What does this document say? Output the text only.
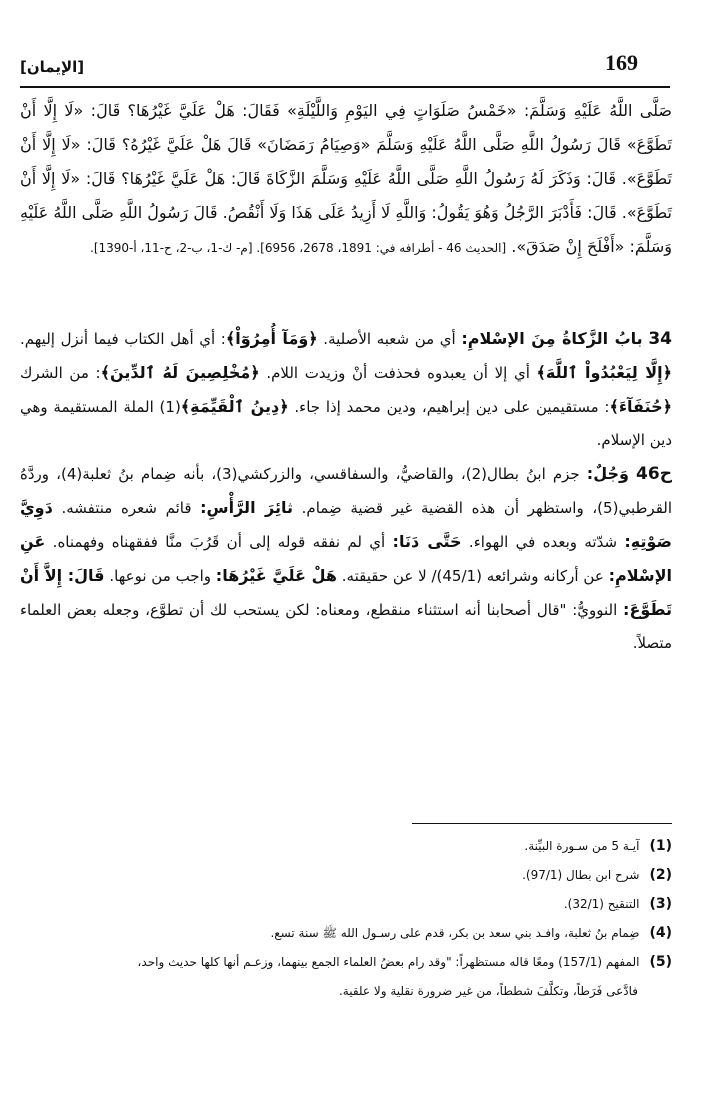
169
[الإيمان]
صَلَّى اللَّهُ عَلَيْهِ وَسَلَّمَ: «خَمْسُ صَلَوَاتٍ فِي اليَوْمِ وَاللَّيْلَةِ» فَقَالَ: هَلْ عَلَيَّ غَيْرُهَا؟ قَالَ: «لَا إِلَّا أَنْ تَطَوَّعَ» قَالَ رَسُولُ اللَّهِ صَلَّى اللَّهُ عَلَيْهِ وَسَلَّمَ «وَصِيَامُ رَمَضَانَ» قَالَ هَلْ عَلَيَّ غَيْرُهُ؟ قَالَ: «لَا إِلَّا أَنْ تَطَوَّعَ». قَالَ: وَذَكَرَ لَهُ رَسُولُ اللَّهِ صَلَّى اللَّهُ عَلَيْهِ وَسَلَّمَ الزَّكَاةَ قَالَ: هَلْ عَلَيَّ غَيْرُهَا؟ قَالَ: «لَا إِلَّا أَنْ تَطَوَّعَ». قَالَ: فَأَدْبَرَ الرَّجُلُ وَهُوَ يَقُولُ: وَاللَّهِ لَا أَزِيدُ عَلَى هَذَا وَلَا أَنْقُصُ. قَالَ رَسُولُ اللَّهِ صَلَّى اللَّهُ عَلَيْهِ وَسَلَّمَ: «أَفْلَحَ إِنْ صَدَقَ». [الحديث 46 - أطرافه في: 1891، 2678، 6956]. [م- ك-1، ب-2، ح-11، أ-1390].

34 بابُ الزَّكاةُ مِنَ الإسْلامِ: أي من شعبه الأصلية. ﴿وَمَآ أُمِرُوٓاْ﴾: أي أهل الكتاب فيما أنزل إليهم. ﴿إِلَّا لِيَعْبُدُواْ ٱللَّهَ﴾ أي إلا أن يعبدوه فحذفت أنْ وزيدت اللام. ﴿مُخْلِصِينَ لَهُ ٱلدِّينَ﴾: من الشرك ﴿حُنَفَآءَ﴾: مستقيمين على دين إبراهيم، ودين محمد إذا جاء. ﴿دِينُ ٱلْقَيِّمَةِ﴾(1) الملة المستقيمة وهي دين الإسلام.

ح46 وَجُلٌ: جزم ابنُ بطال(2)، والقاضيُّ، والسفاقسي، والزركشي(3)، بأنه ضِمام بنُ ثعلبة(4)، وردَّهُ القرطبي(5)، واستظهر أن هذه القضية غير قضية ضِمام. ثائِرَ الرَّأْسِ: قائم شعره منتفشه. دَوِيَّ صَوْتِهِ: شدّته وبعده في الهواء. حَتَّى دَنَا: أي لم نفقه قوله إلى أن قَرُبَ منَّا ففقهناه وفهمناه. عَنِ الإسْلامِ: عن أركانه وشرائعه (45/1)/ لا عن حقيقته. هَلْ عَلَيَّ غَيْرُهَا: واجب من نوعها. قَالَ: إِلاَّ أَنْ تَطَوَّعَ: النوويُّ: "قال أصحابنا أنه استثناء منقطع، ومعناه: لكن يستحب لك أن تطوَّع، وجعله بعض العلماء متصلاً.

(1)آيـة 5 من سـورة البيِّنة.
(2)شرح ابن بطال (97/1).
(3)التنقيح (32/1).
(4)ضِمام بنُ ثعلبة، وافـد بني سعد بن بكر، قدم على رسـول الله ﷺ سنة تسع.
(5)المفهم (157/1) ومعًا قاله مستظهراً: "وقد رام بعضُ العلماء الجمع بينهما، وزعـم أنها كلها حديث واحد،
فادَّعى فَرَطاً، وتكلَّفَ شططاً، من غير ضرورة نقلية ولا علقية.
